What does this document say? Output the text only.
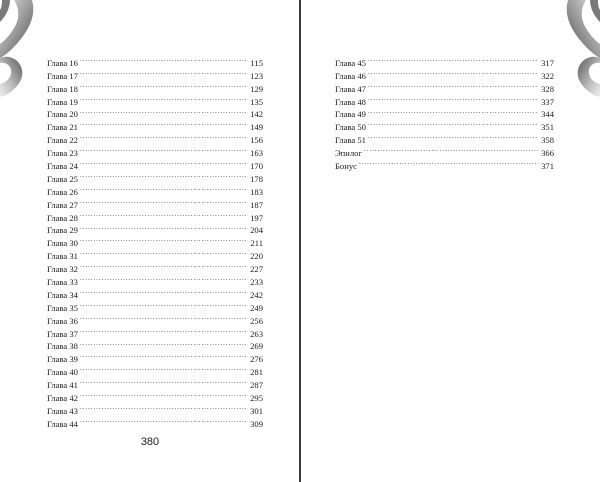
Глава 16 . . .	115
Глава 17 . . .	123
Глава 18 . . .	129
Глава 19 . . .	135
Глава 20 . . .	142
Глава 21 . . .	149
Глава 22 . . .	156
Глава 23 . . .	163
Глава 24 . . .	170
Глава 25 . . .	178
Глава 26 . . .	183
Глава 27 . . .	187
Глава 28 . . .	197
Глава 29 . . .	204
Глава 30 . . .	211
Глава 31 . . .	220
Глава 32 . . .	227
Глава 33 . . .	233
Глава 34 . . .	242
Глава 35 . . .	249
Глава 36 . . .	256
Глава 37 . . .	263
Глава 38 . . .	269
Глава 39 . . .	276
Глава 40 . . .	281
Глава 41 . . .	287
Глава 42 . . .	295
Глава 43 . . .	301
Глава 44 . . .	309
380
Глава 45 . . .	317
Глава 46 . . .	322
Глава 47 . . .	328
Глава 48 . . .	337
Глава 49 . . .	344
Глава 50 . . .	351
Глава 51 . . .	358
Эпилог . . .	366
Бонус . . .	371
